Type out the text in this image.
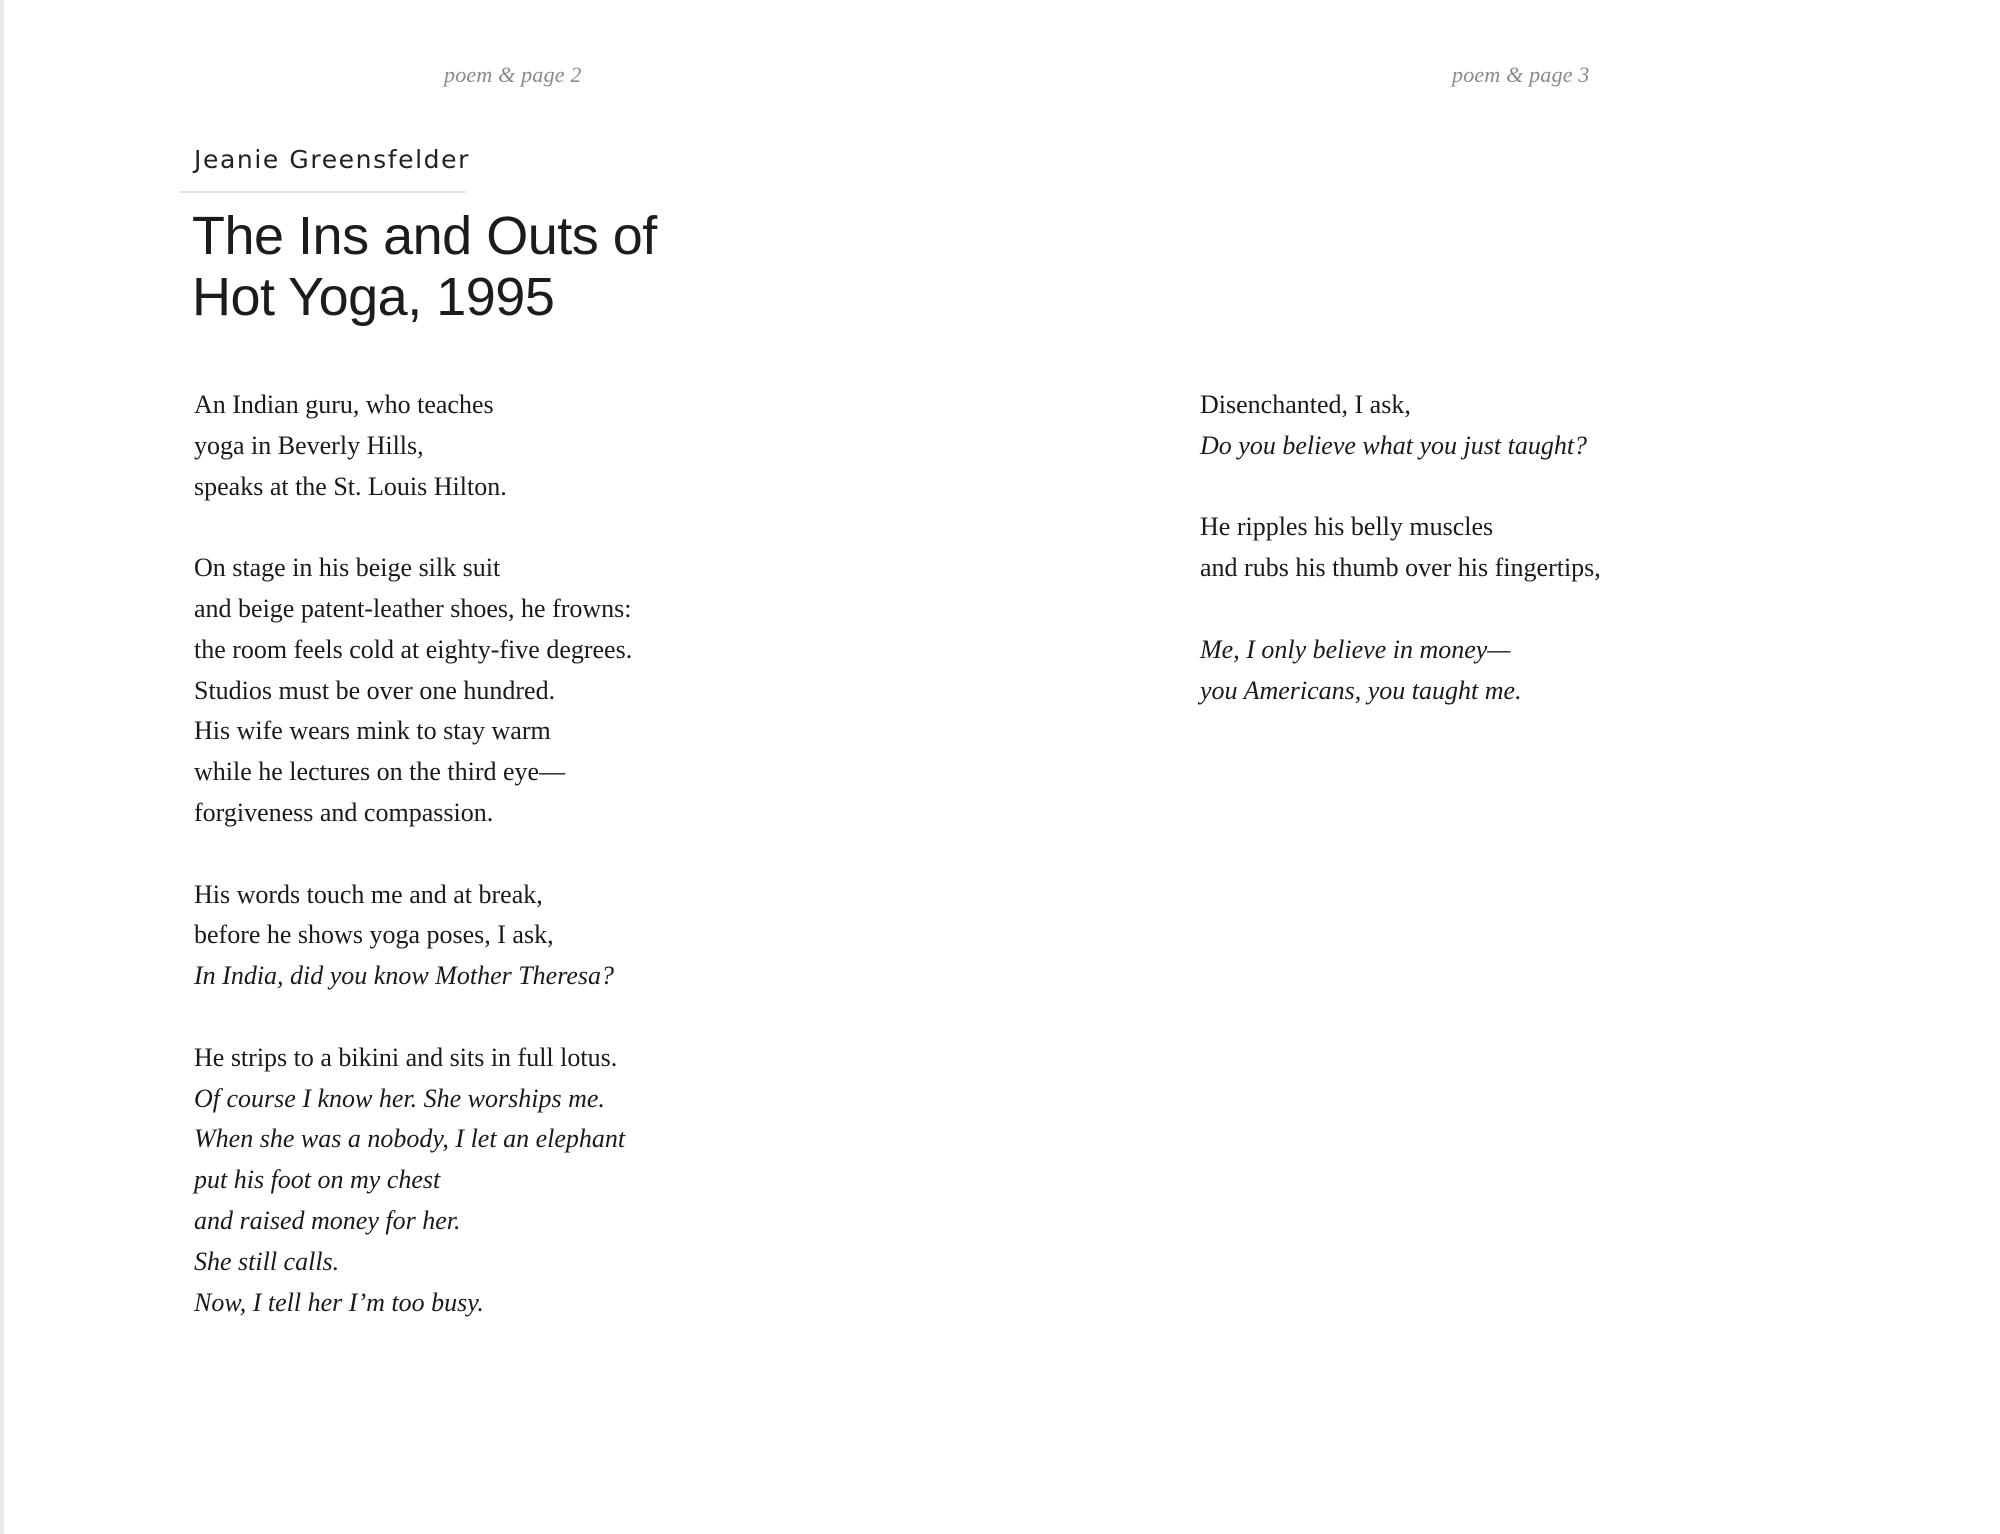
poem & page 2
Jeanie Greensfelder
The Ins and Outs of
Hot Yoga, 1995
An Indian guru, who teaches
yoga in Beverly Hills,
speaks at the St. Louis Hilton.
On stage in his beige silk suit
and beige patent-leather shoes, he frowns:
the room feels cold at eighty-five degrees.
Studios must be over one hundred.
His wife wears mink to stay warm
while he lectures on the third eye—
forgiveness and compassion.
His words touch me and at break,
before he shows yoga poses, I ask,
In India, did you know Mother Theresa?
He strips to a bikini and sits in full lotus.
Of course I know her. She worships me.
When she was a nobody, I let an elephant
put his foot on my chest
and raised money for her.
She still calls.
Now, I tell her I’m too busy.
poem & page 3
Disenchanted, I ask,
Do you believe what you just taught?
He ripples his belly muscles
and rubs his thumb over his fingertips,
Me, I only believe in money—
you Americans, you taught me.
